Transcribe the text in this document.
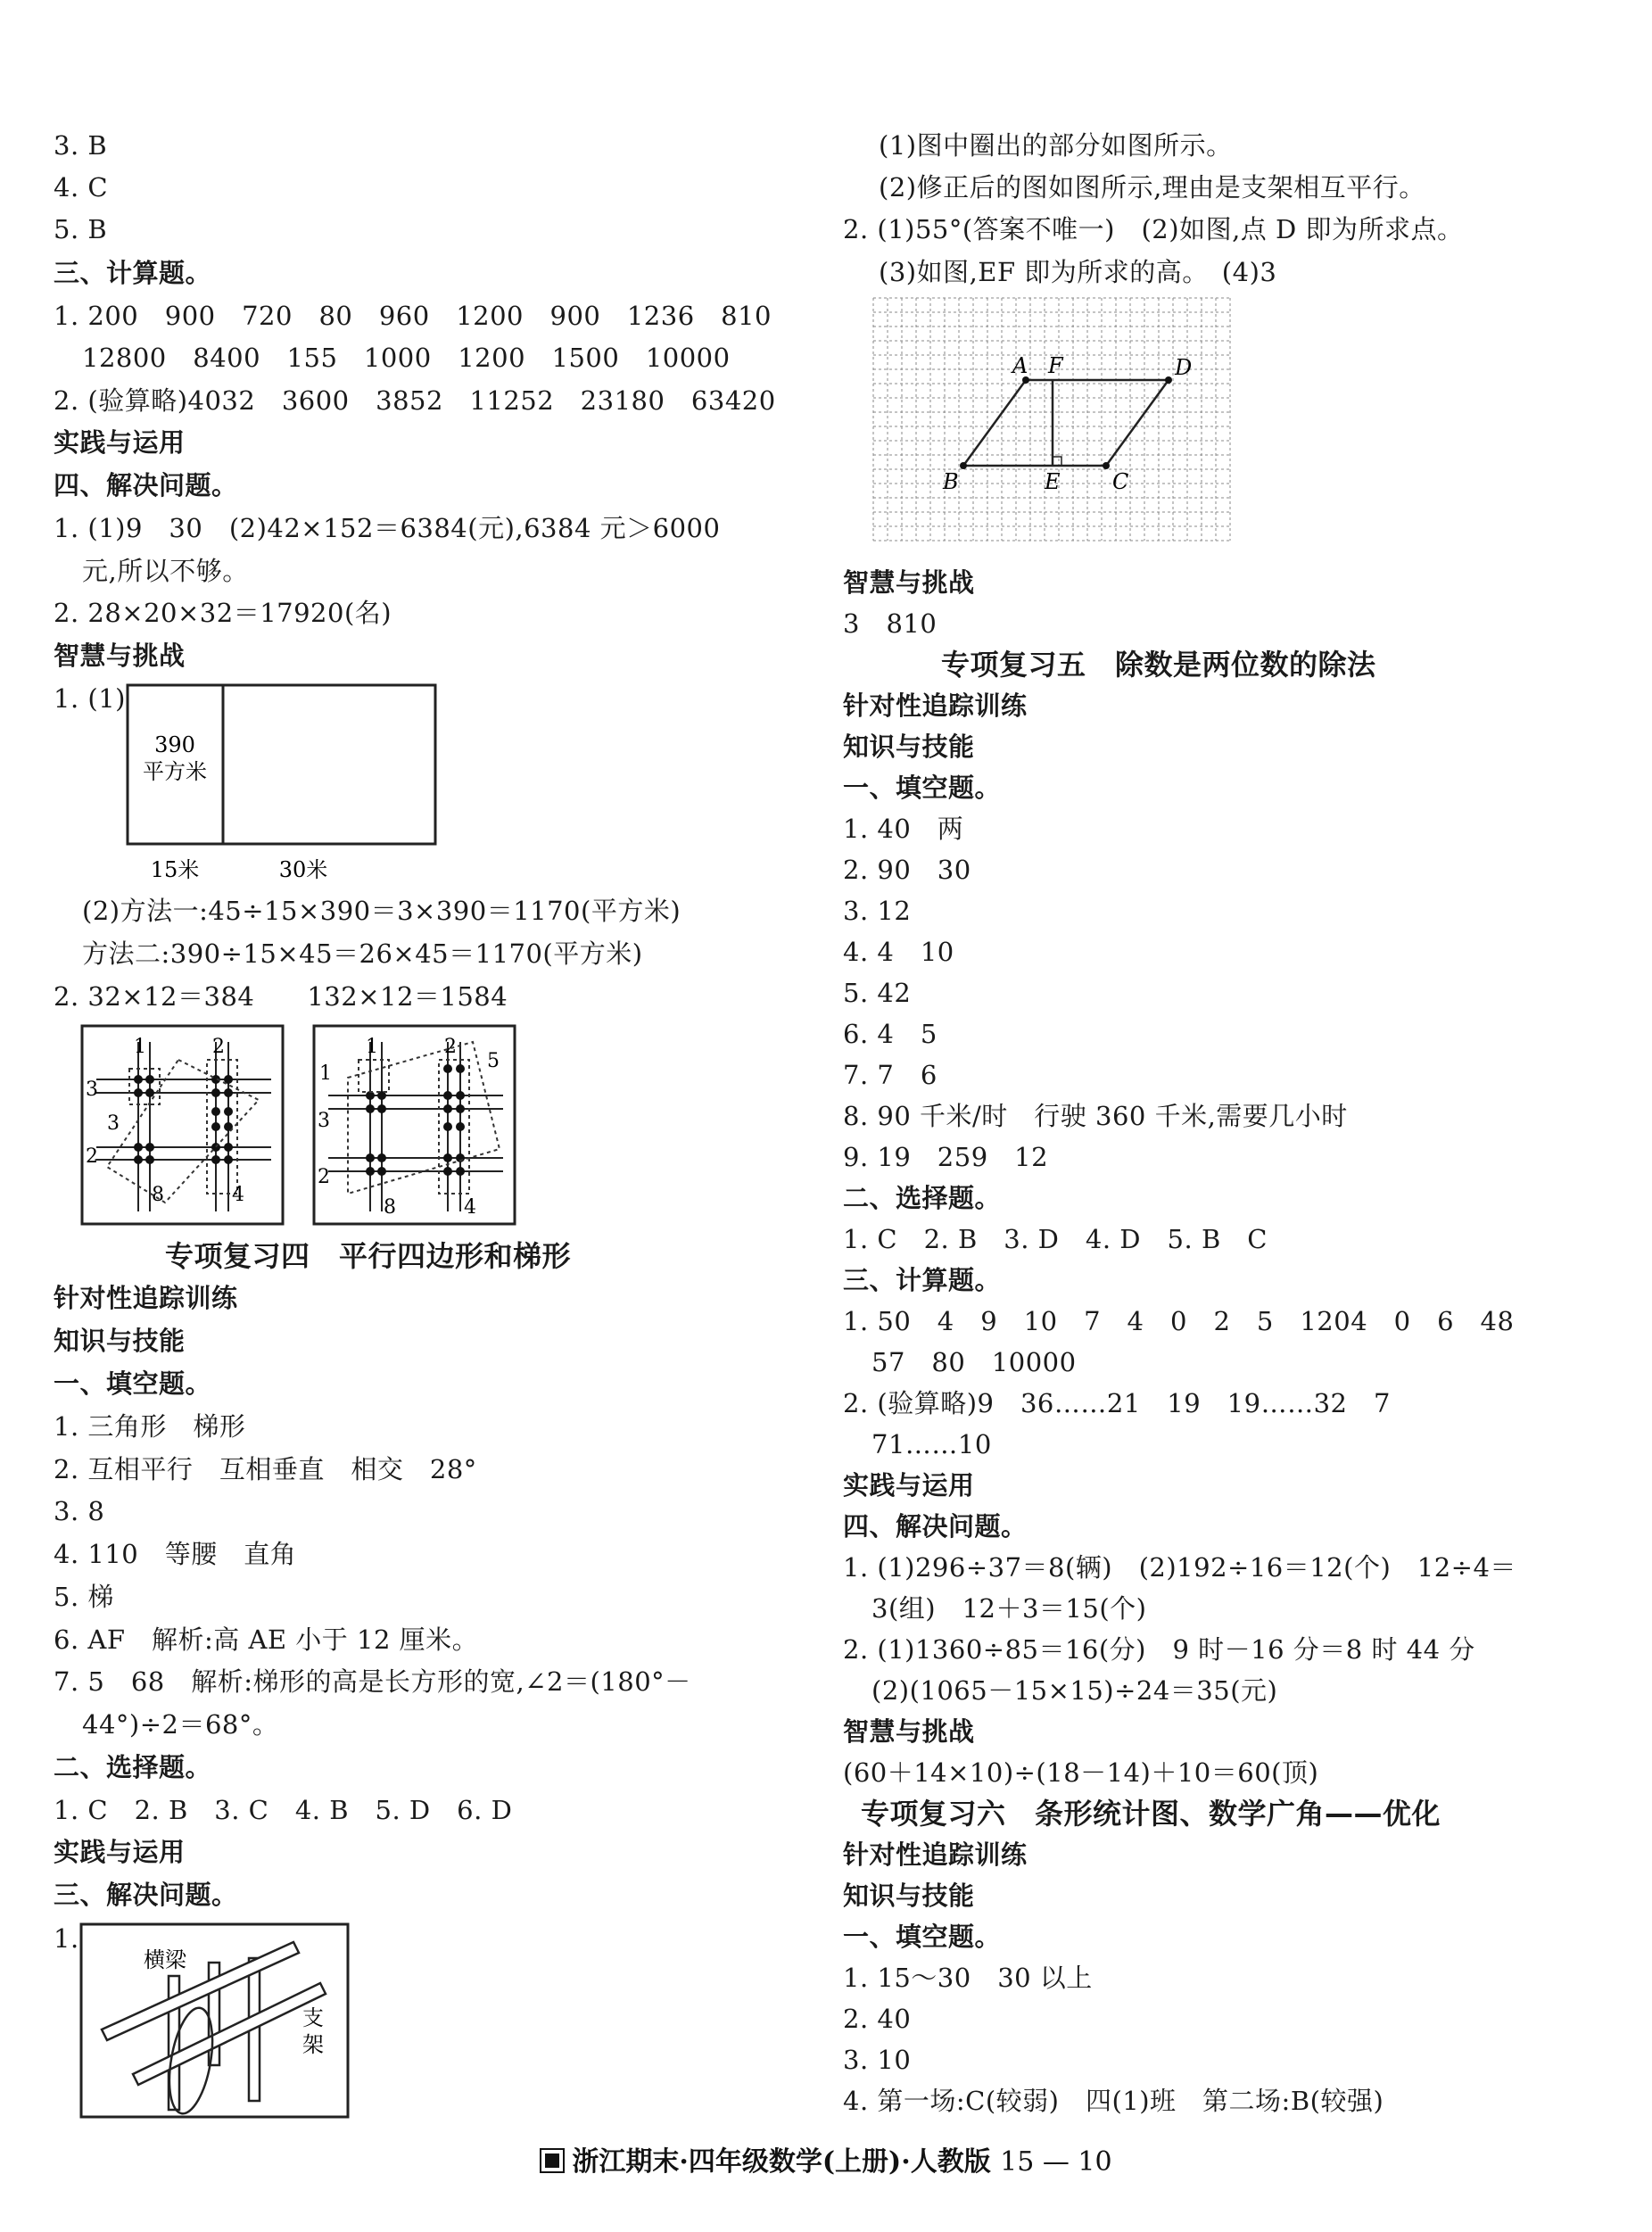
3. B
4. C
5. B
三、计算题。
1. 200　900　720　80　960　1200　900　1236　810
12800　8400　155　1000　1200　1500　10000
2. (验算略)4032　3600　3852　11252　23180　63420
实践与运用
四、解决问题。
1. (1)9　30　(2)42×152＝6384(元),6384 元＞6000
元,所以不够。
2. 28×20×32＝17920(名)
智慧与挑战
1. (1)
390
平方米
15米	30米
(2)方法一:45÷15×390＝3×390＝1170(平方米)
方法二:390÷15×45＝26×45＝1170(平方米)
2. 32×12＝384　　132×12＝1584
1	2
3
3
2
8	4
1
1
2
5
3
2
8	4
专项复习四　平行四边形和梯形
针对性追踪训练
知识与技能
一、填空题。
1. 三角形　梯形
2. 互相平行　互相垂直　相交　28°
3. 8
4. 110　等腰　直角
5. 梯
6. AF　解析:高 AE 小于 12 厘米。
7. 5　68　解析:梯形的高是长方形的宽,∠2＝(180°－
44°)÷2＝68°。
二、选择题。
1. C　2. B　3. C　4. B　5. D　6. D
实践与运用
三、解决问题。
1.
横梁
支
架
(1)图中圈出的部分如图所示。
(2)修正后的图如图所示,理由是支架相互平行。
2. (1)55°(答案不唯一)　(2)如图,点 D 即为所求点。
(3)如图,EF 即为所求的高。　(4)3
A F	D
B	E C
智慧与挑战
3　810
专项复习五　除数是两位数的除法
针对性追踪训练
知识与技能
一、填空题。
1. 40　两
2. 90　30
3. 12
4. 4　10
5. 42
6. 4　5
7. 7　6
8. 90 千米/时　行驶 360 千米,需要几小时
9. 19　259　12
二、选择题。
1. C　2. B　3. D　4. D　5. B　C
三、计算题。
1. 50　4　9　10　7　4　0　2　5　1204　0　6　48
57　80　10000
2. (验算略)9　36……21　19　19……32　7
71……10
实践与运用
四、解决问题。
1. (1)296÷37＝8(辆)　(2)192÷16＝12(个)　12÷4＝
3(组)　12＋3＝15(个)
2. (1)1360÷85＝16(分)　9 时－16 分＝8 时 44 分
(2)(1065－15×15)÷24＝35(元)
智慧与挑战
(60＋14×10)÷(18－14)＋10＝60(顶)
专项复习六　条形统计图、数学广角——优化
针对性追踪训练
知识与技能
一、填空题。
1. 15～30　30 以上
2. 40
3. 10
4. 第一场:C(较弱)　四(1)班　第二场:B(较强)
浙江期末·四年级数学(上册)·人教版 15 — 10
